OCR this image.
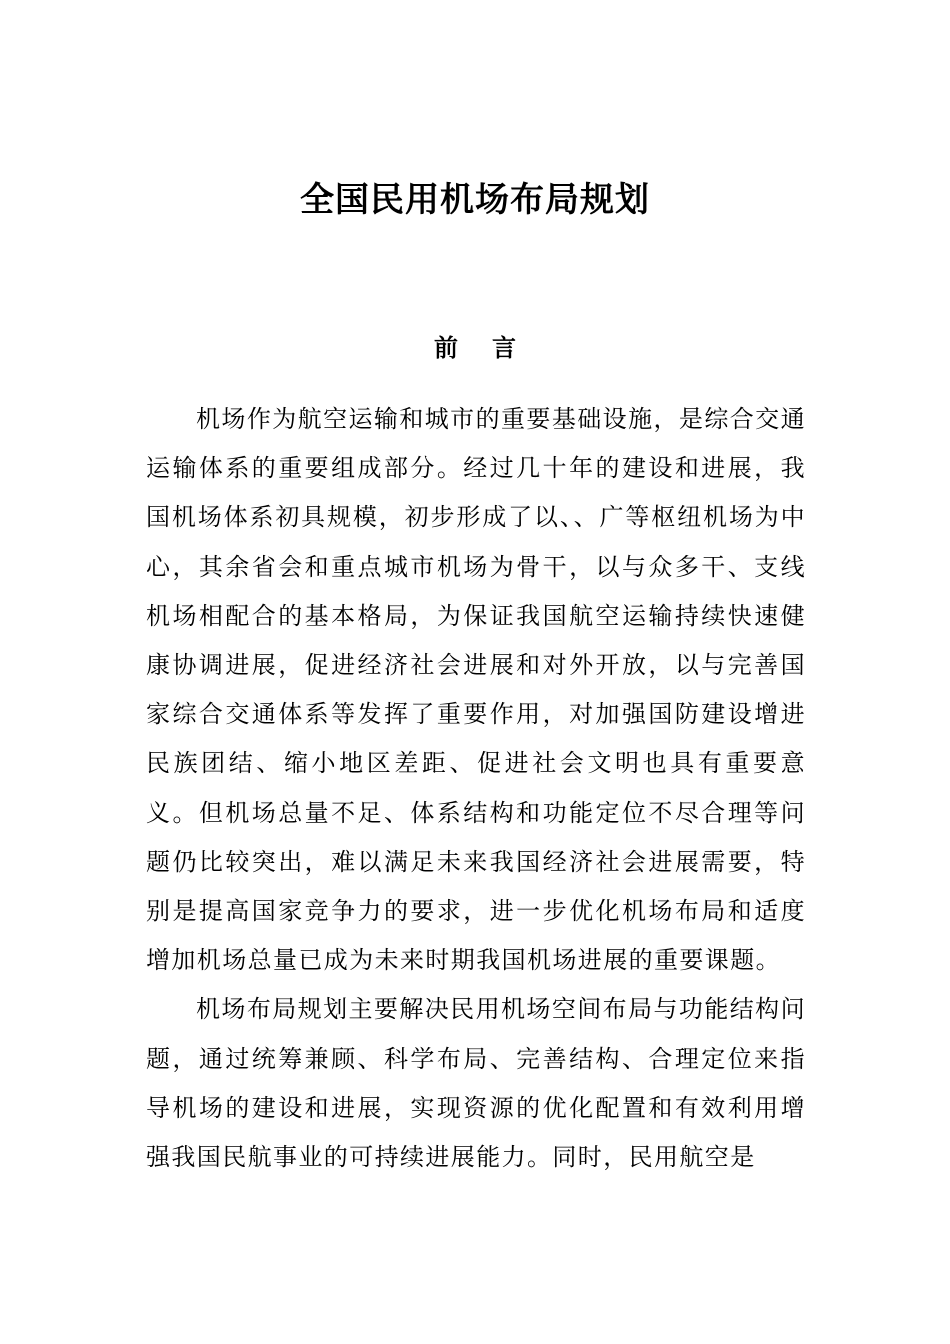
全国民用机场布局规划
前 言

机场作为航空运输和城市的重要基础设施，是综合交通运输体系的重要组成部分。经过几十年的建设和进展，我国机场体系初具规模，初步形成了以、、广等枢纽机场为中心，其余省会和重点城市机场为骨干，以与众多干、支线机场相配合的基本格局，为保证我国航空运输持续快速健康协调进展，促进经济社会进展和对外开放，以与完善国家综合交通体系等发挥了重要作用，对加强国防建设增进民族团结、缩小地区差距、促进社会文明也具有重要意义。但机场总量不足、体系结构和功能定位不尽合理等问题仍比较突出，难以满足未来我国经济社会进展需要，特别是提高国家竞争力的要求，进一步优化机场布局和适度增加机场总量已成为未来时期我国机场进展的重要课题。

机场布局规划主要解决民用机场空间布局与功能结构问题，通过统筹兼顾、科学布局、完善结构、合理定位来指导机场的建设和进展，实现资源的优化配置和有效利用增强我国民航事业的可持续进展能力。同时，民用航空是
